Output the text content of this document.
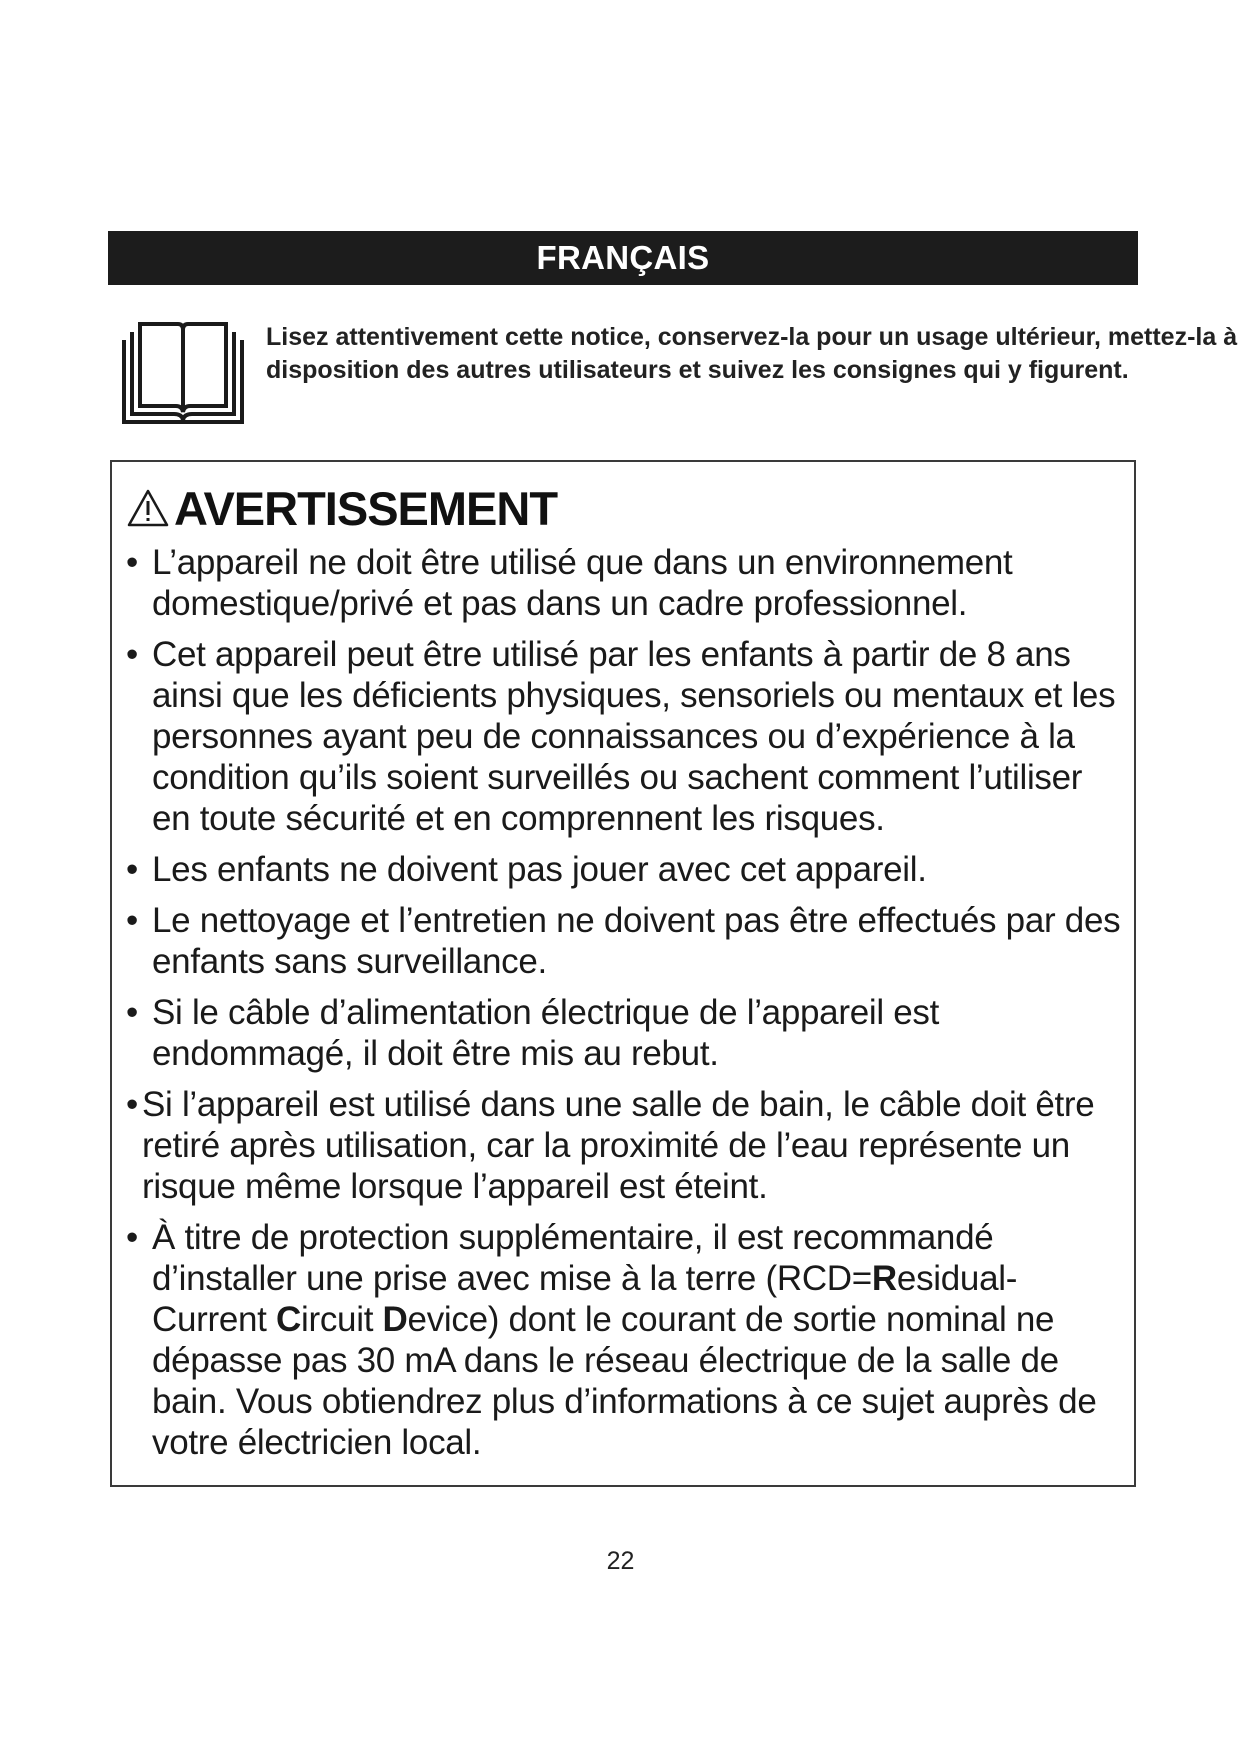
FRANÇAIS
Lisez attentivement cette notice, conservez-la pour un usage ultérieur, mettez-la à disposition des autres utilisateurs et suivez les consignes qui y figurent.
AVERTISSEMENT
• L’appareil ne doit être utilisé que dans un environnement domestique/privé et pas dans un cadre professionnel.
• Cet appareil peut être utilisé par les enfants à partir de 8 ans ainsi que les déficients physiques, sensoriels ou mentaux et les personnes ayant peu de connaissances ou d’expérience à la condition qu’ils soient surveillés ou sachent comment l’utiliser en toute sécurité et en comprennent les risques.
• Les enfants ne doivent pas jouer avec cet appareil.
• Le nettoyage et l’entretien ne doivent pas être effectués par des enfants sans surveillance.
• Si le câble d’alimentation électrique de l’appareil est endommagé, il doit être mis au rebut.
• Si l’appareil est utilisé dans une salle de bain, le câble doit être retiré après utilisation, car la proximité de l’eau représente un risque même lorsque l’appareil est éteint.
• À titre de protection supplémentaire, il est recommandé d’installer une prise avec mise à la terre (RCD=Residual-Current Circuit Device) dont le courant de sortie nominal ne dépasse pas 30 mA dans le réseau électrique de la salle de bain. Vous obtiendrez plus d’informations à ce sujet auprès de votre électricien local.
22
